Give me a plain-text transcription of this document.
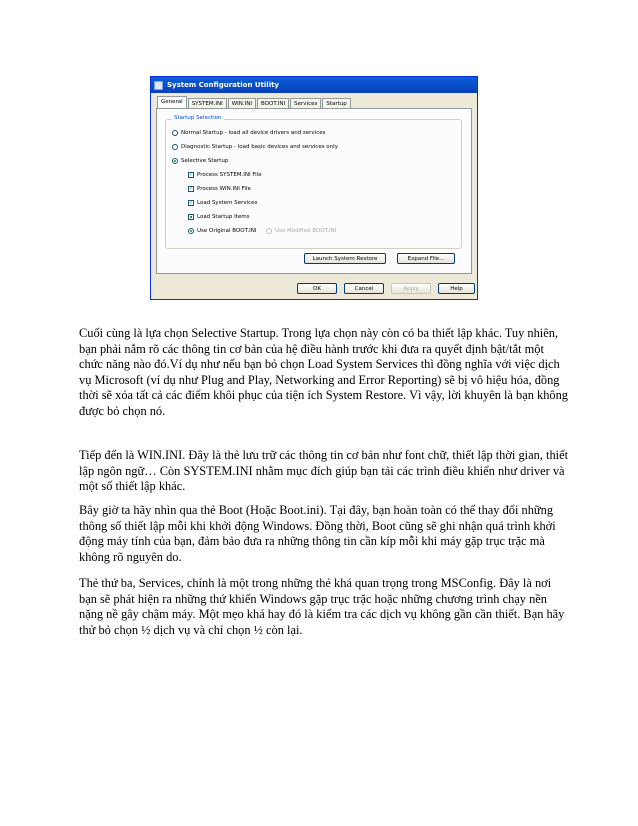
System Configuration Utility
General	SYSTEM.INI	WIN.INI	BOOT.INI	Services	Startup
Startup Selection
Normal Startup - load all device drivers and services
Diagnostic Startup - load basic devices and services only
Selective Startup
✓ Process SYSTEM.INI File
✓ Process WIN.INI File
✓ Load System Services
Load Startup Items
Use Original BOOT.INI	Use Modified BOOT.INI
Launch System Restore	Expand File...
OK	Cancel	Apply	Help

Cuối cùng là lựa chọn Selective Startup. Trong lựa chọn này còn có ba thiết lập khác. Tuy nhiên, bạn phải nắm rõ các thông tin cơ bản của hệ điều hành trước khi đưa ra quyết định bật/tắt một chức năng nào đó.Ví dụ như nếu bạn bỏ chọn Load System Services thì đồng nghĩa với việc dịch vụ Microsoft (ví dụ như Plug and Play, Networking and Error Reporting) sẽ bị vô hiệu hóa, đồng thời sẽ xóa tất cả các điểm khôi phục của tiện ích System Restore. Vì vậy, lời khuyên là bạn không được bỏ chọn nó.

Tiếp đến là WIN.INI. Đây là thẻ lưu trữ các thông tin cơ bản như font chữ, thiết lập thời gian, thiết lập ngôn ngữ… Còn SYSTEM.INI nhằm mục đích giúp bạn tải các trình điều khiển như driver và một số thiết lập khác.

Bây giờ ta hãy nhìn qua thẻ Boot (Hoặc Boot.ini). Tại đây, bạn hoàn toàn có thể thay đổi những thông số thiết lập mỗi khi khởi động Windows. Đồng thời, Boot cũng sẽ ghi nhận quá trình khởi động máy tính của bạn, đảm bảo đưa ra những thông tin cần kíp mỗi khi máy gặp trục trặc mà không rõ nguyên do.

Thẻ thứ ba, Services, chính là một trong những thẻ khá quan trọng trong MSConfig. Đây là nơi bạn sẽ phát hiện ra những thứ khiến Windows gặp trục trặc hoặc những chương trình chạy nền nặng nề gây chậm máy. Một mẹo khá hay đó là kiểm tra các dịch vụ không gần cần thiết. Bạn hãy thử bỏ chọn ½ dịch vụ và chỉ chọn ½ còn lại.
